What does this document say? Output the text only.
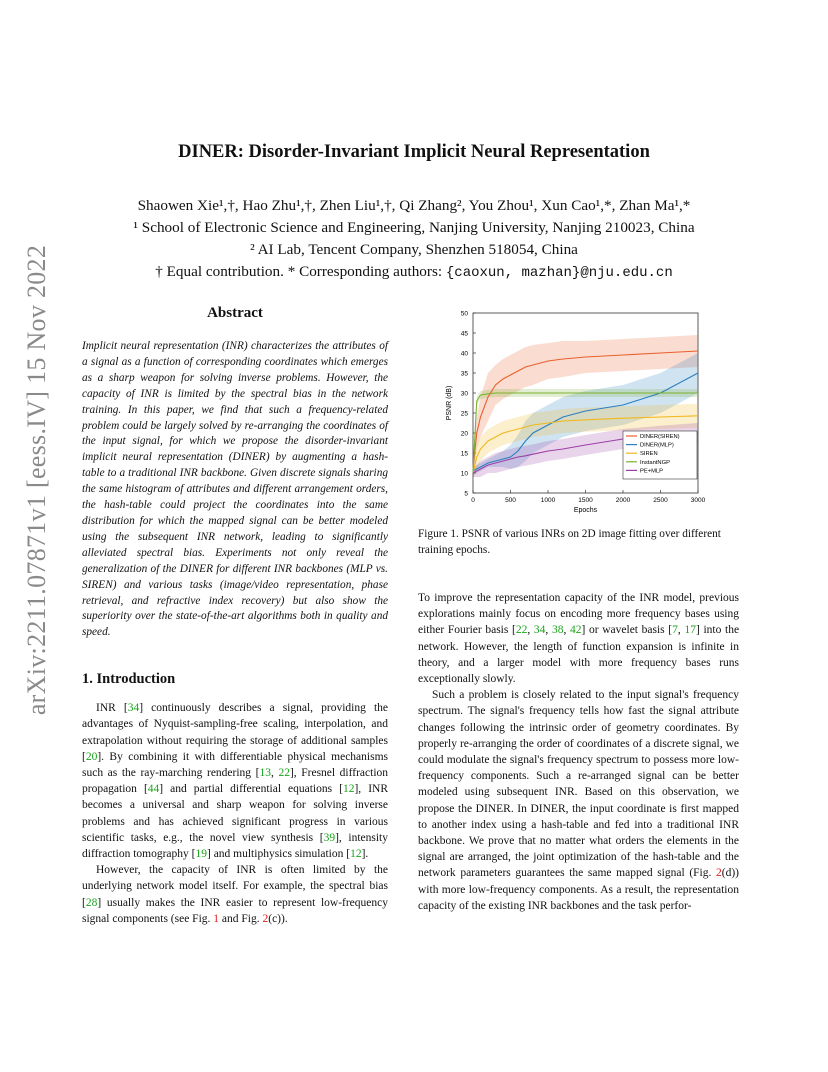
arXiv:2211.07871v1 [eess.IV] 15 Nov 2022
DINER: Disorder-Invariant Implicit Neural Representation
Shaowen Xie¹,†, Hao Zhu¹,†, Zhen Liu¹,†, Qi Zhang², You Zhou¹, Xun Cao¹,*, Zhan Ma¹,*
¹ School of Electronic Science and Engineering, Nanjing University, Nanjing 210023, China
² AI Lab, Tencent Company, Shenzhen 518054, China
† Equal contribution. * Corresponding authors: {caoxun, mazhan}@nju.edu.cn
Abstract

Implicit neural representation (INR) characterizes the attributes of a signal as a function of corresponding coordinates which emerges as a sharp weapon for solving inverse problems. However, the capacity of INR is limited by the spectral bias in the network training. In this paper, we find that such a frequency-related problem could be largely solved by re-arranging the coordinates of the input signal, for which we propose the disorder-invariant implicit neural representation (DINER) by augmenting a hash-table to a traditional INR backbone. Given discrete signals sharing the same histogram of attributes and different arrangement orders, the hash-table could project the coordinates into the same distribution for which the mapped signal can be better modeled using the subsequent INR network, leading to significantly alleviated spectral bias. Experiments not only reveal the generalization of the DINER for different INR backbones (MLP vs. SIREN) and various tasks (image/video representation, phase retrieval, and refractive index recovery) but also show the superiority over the state-of-the-art algorithms both in quality and speed.

1. Introduction

INR [34] continuously describes a signal, providing the advantages of Nyquist-sampling-free scaling, interpolation, and extrapolation without requiring the storage of additional samples [20]. By combining it with differentiable physical mechanisms such as the ray-marching rendering [13, 22], Fresnel diffraction propagation [44] and partial differential equations [12], INR becomes a universal and sharp weapon for solving inverse problems and has achieved significant progress in various scientific tasks, e.g., the novel view synthesis [39], intensity diffraction tomography [19] and multiphysics simulation [12].

However, the capacity of INR is often limited by the underlying network model itself. For example, the spectral bias [28] usually makes the INR easier to represent low-frequency signal components (see Fig. 1 and Fig. 2(c)).

5
10
15
20
25
30
35
40
45
50
0	500	1000	1500	2000	2500	3000
Epochs
PSNR (dB)
DINER(SIREN)
DINER(MLP)
SIREN
InstantNGP
PE+MLP
Figure 1. PSNR of various INRs on 2D image fitting over different training epochs.

To improve the representation capacity of the INR model, previous explorations mainly focus on encoding more frequency bases using either Fourier basis [22, 34, 38, 42] or wavelet basis [7, 17] into the network. However, the length of function expansion is infinite in theory, and a larger model with more frequency bases runs exceptionally slowly.

Such a problem is closely related to the input signal's frequency spectrum. The signal's frequency tells how fast the signal attribute changes following the intrinsic order of geometry coordinates. By properly re-arranging the order of coordinates of a discrete signal, we could modulate the signal's frequency spectrum to possess more low-frequency components. Such a re-arranged signal can be better modeled using subsequent INR. Based on this observation, we propose the DINER. In DINER, the input coordinate is first mapped to another index using a hash-table and fed into a traditional INR backbone. We prove that no matter what orders the elements in the signal are arranged, the joint optimization of the hash-table and the network parameters guarantees the same mapped signal (Fig. 2(d)) with more low-frequency components. As a result, the representation capacity of the existing INR backbones and the task perfor-
